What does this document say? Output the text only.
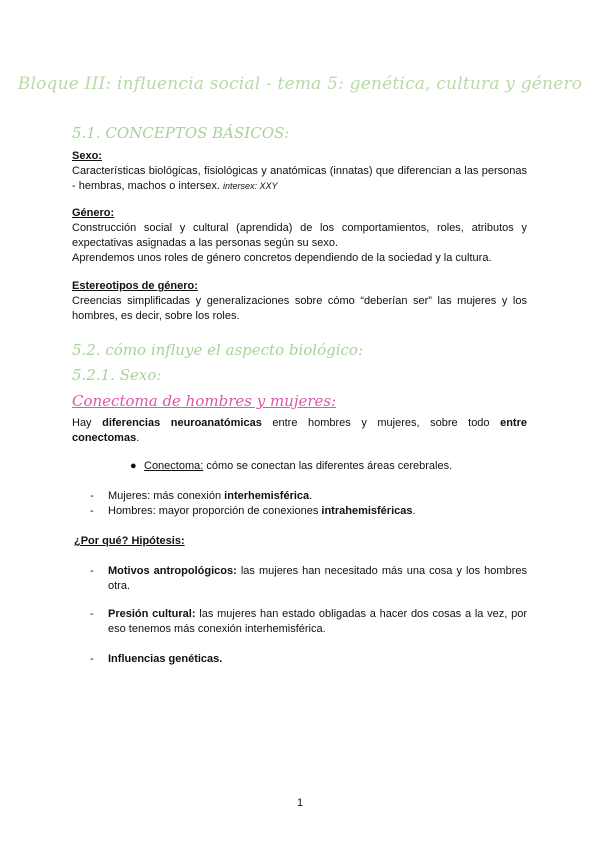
Bloque III: influencia social - tema 5: genética, cultura y género
5.1. CONCEPTOS BÁSICOS:
Sexo:
Características biológicas, fisiológicas y anatómicas (innatas) que diferencian a las personas - hembras, machos o intersex. intersex: XXY
Género:
Construcción social y cultural (aprendida) de los comportamientos, roles, atributos y expectativas asignadas a las personas según su sexo.
Aprendemos unos roles de género concretos dependiendo de la sociedad y la cultura.
Estereotipos de género:
Creencias simplificadas y generalizaciones sobre cómo “deberían ser” las mujeres y los hombres, es decir, sobre los roles.
5.2. cómo influye el aspecto biológico:
5.2.1. Sexo:
Conectoma de hombres y mujeres:
Hay diferencias neuroanatómicas entre hombres y mujeres, sobre todo entre conectomas.
● Conectoma: cómo se conectan las diferentes áreas cerebrales.
- Mujeres: más conexión interhemisférica.
- Hombres: mayor proporción de conexiones intrahemisféricas.
¿Por qué? Hipótesis:
- Motivos antropológicos: las mujeres han necesitado más una cosa y los hombres otra.
- Presión cultural: las mujeres han estado obligadas a hacer dos cosas a la vez, por eso tenemos más conexión interhemisférica.
- Influencias genéticas.
1
